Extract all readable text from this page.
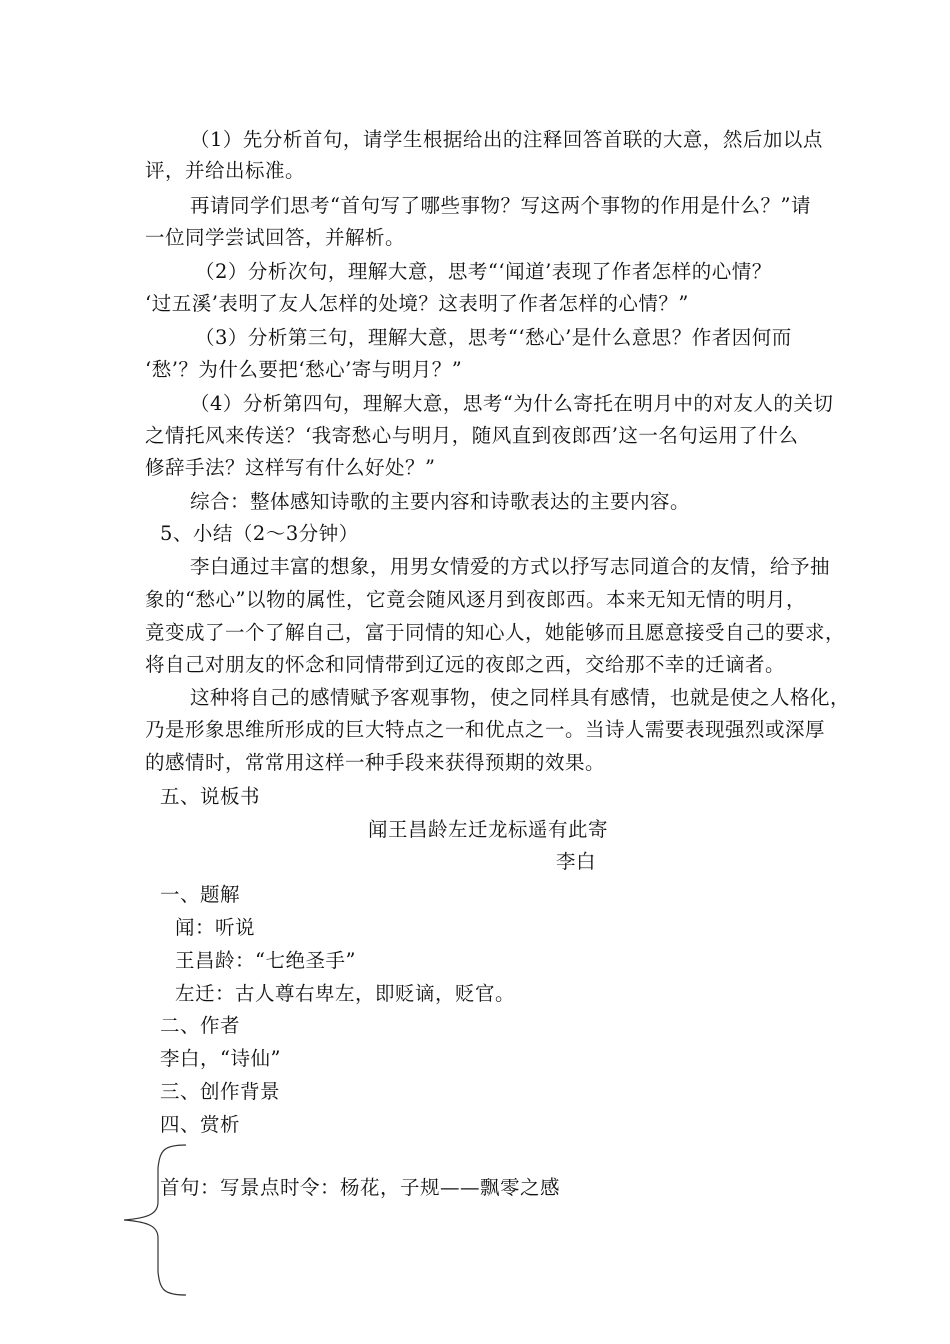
（1）先分析首句，请学生根据给出的注释回答首联的大意，然后加以点
评，并给出标准。
再请同学们思考“首句写了哪些事物？写这两个事物的作用是什么？”请
一位同学尝试回答，并解析。
（2）分析次句，理解大意，思考“‘闻道’表现了作者怎样的心情？
‘过五溪’表明了友人怎样的处境？这表明了作者怎样的心情？”
（3）分析第三句，理解大意，思考“‘愁心’是什么意思？作者因何而
‘愁’？为什么要把‘愁心’寄与明月？”
（4）分析第四句，理解大意，思考“为什么寄托在明月中的对友人的关切
之情托风来传送？‘我寄愁心与明月，随风直到夜郎西’这一名句运用了什么
修辞手法？这样写有什么好处？”
综合：整体感知诗歌的主要内容和诗歌表达的主要内容。
5、小结（2～3分钟）
李白通过丰富的想象，用男女情爱的方式以抒写志同道合的友情，给予抽
象的“愁心”以物的属性，它竟会随风逐月到夜郎西。本来无知无情的明月，
竟变成了一个了解自己，富于同情的知心人，她能够而且愿意接受自己的要求，
将自己对朋友的怀念和同情带到辽远的夜郎之西，交给那不幸的迁谪者。
这种将自己的感情赋予客观事物，使之同样具有感情，也就是使之人格化，
乃是形象思维所形成的巨大特点之一和优点之一。当诗人需要表现强烈或深厚
的感情时，常常用这样一种手段来获得预期的效果。
五、说板书
闻王昌龄左迁龙标遥有此寄
李白
一、题解
闻：听说
王昌龄：“七绝圣手”
左迁：古人尊右卑左，即贬谪，贬官。
二、作者
李白，“诗仙”
三、创作背景
四、赏析
首句：写景点时令：杨花，子规——飘零之感
